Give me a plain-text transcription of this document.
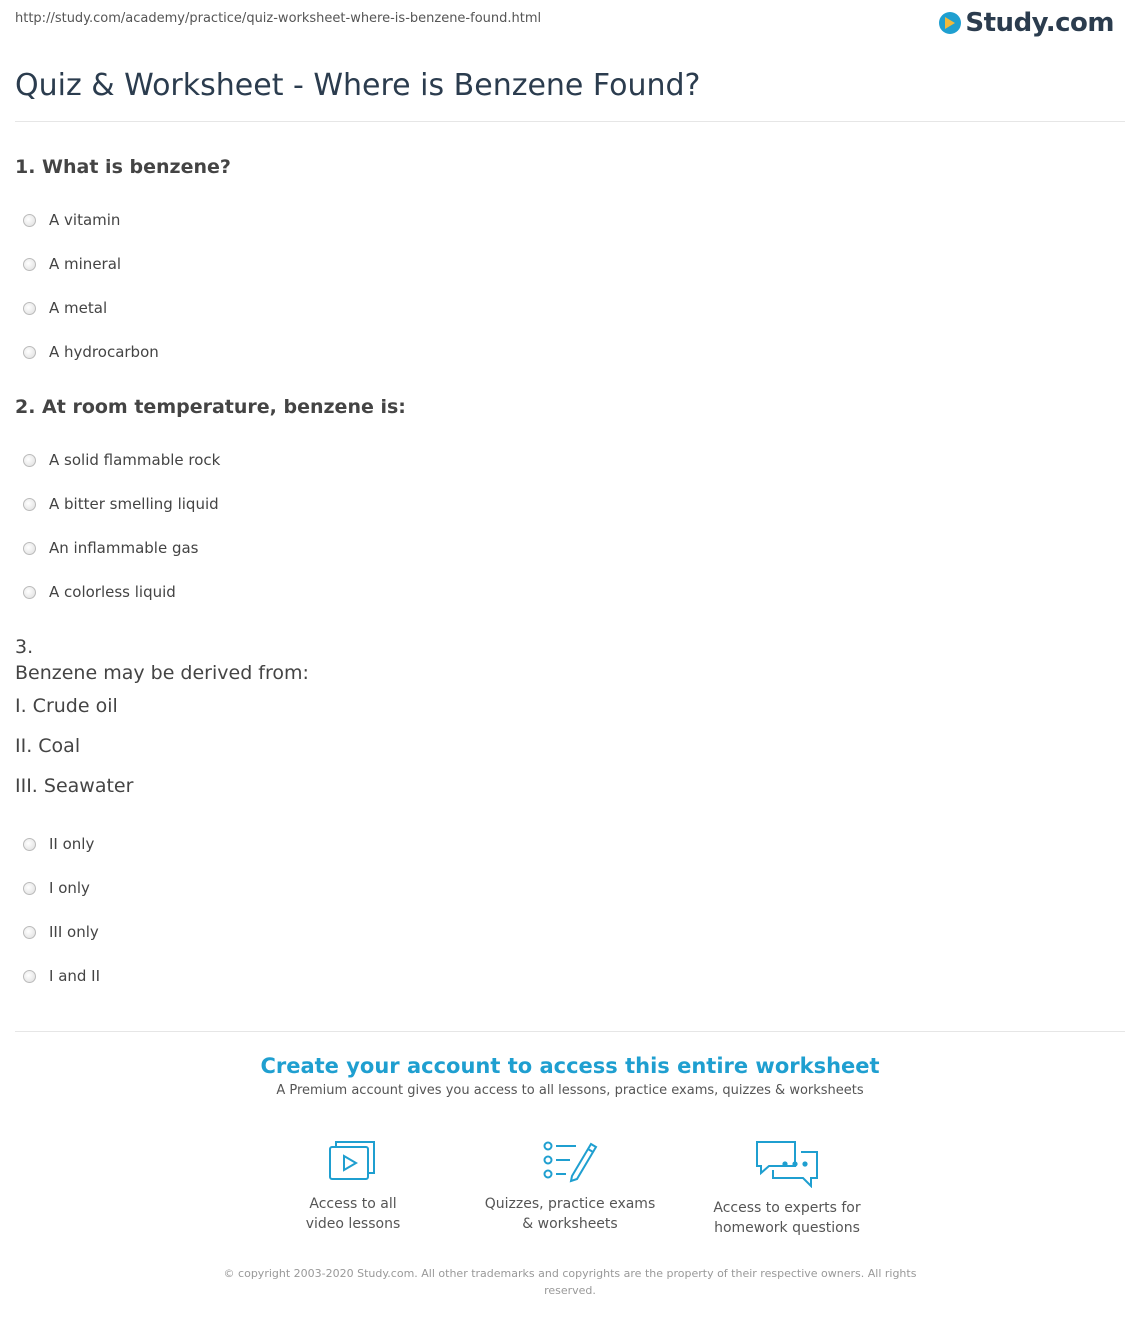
http://study.com/academy/practice/quiz-worksheet-where-is-benzene-found.html	Study.com
Quiz & Worksheet - Where is Benzene Found?
1. What is benzene?
A vitamin
A mineral
A metal
A hydrocarbon
2. At room temperature, benzene is:
A solid flammable rock
A bitter smelling liquid
An inflammable gas
A colorless liquid
3.
Benzene may be derived from:
I. Crude oil
II. Coal
III. Seawater
II only
I only
III only
I and II
Create your account to access this entire worksheet
A Premium account gives you access to all lessons, practice exams, quizzes & worksheets
Access to all
video lessons
Quizzes, practice exams
& worksheets
Access to experts for
homework questions
© copyright 2003-2020 Study.com. All other trademarks and copyrights are the property of their respective owners. All rights reserved.
